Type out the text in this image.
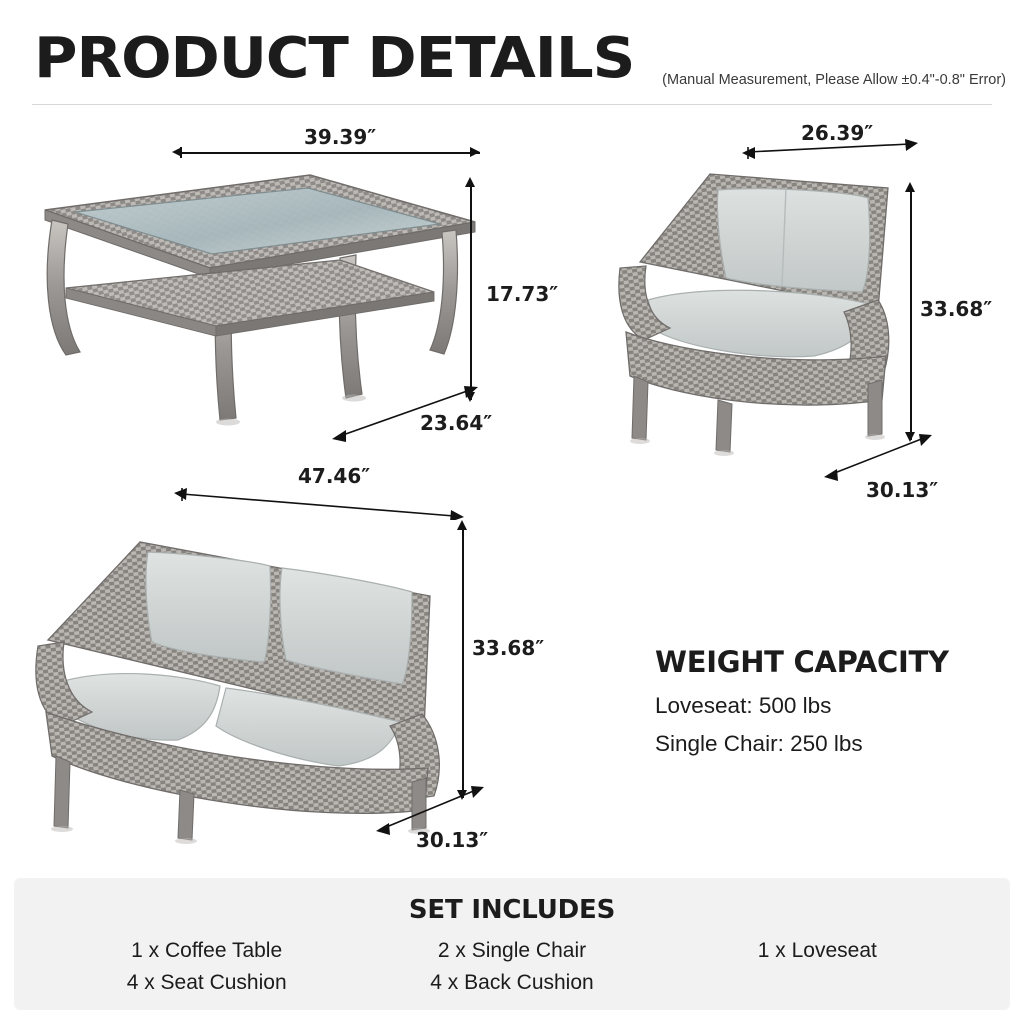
PRODUCT DETAILS (Manual Measurement, Please Allow ±0.4"-0.8" Error)
39.39″
17.73″
23.64″
26.39″
33.68″
30.13″
47.46″
33.68″
30.13″
WEIGHT CAPACITY
Loveseat: 500 lbs
Single Chair: 250 lbs
SET INCLUDES
1 x Coffee Table	2 x Single Chair	1 x Loveseat
4 x Seat Cushion	4 x Back Cushion
